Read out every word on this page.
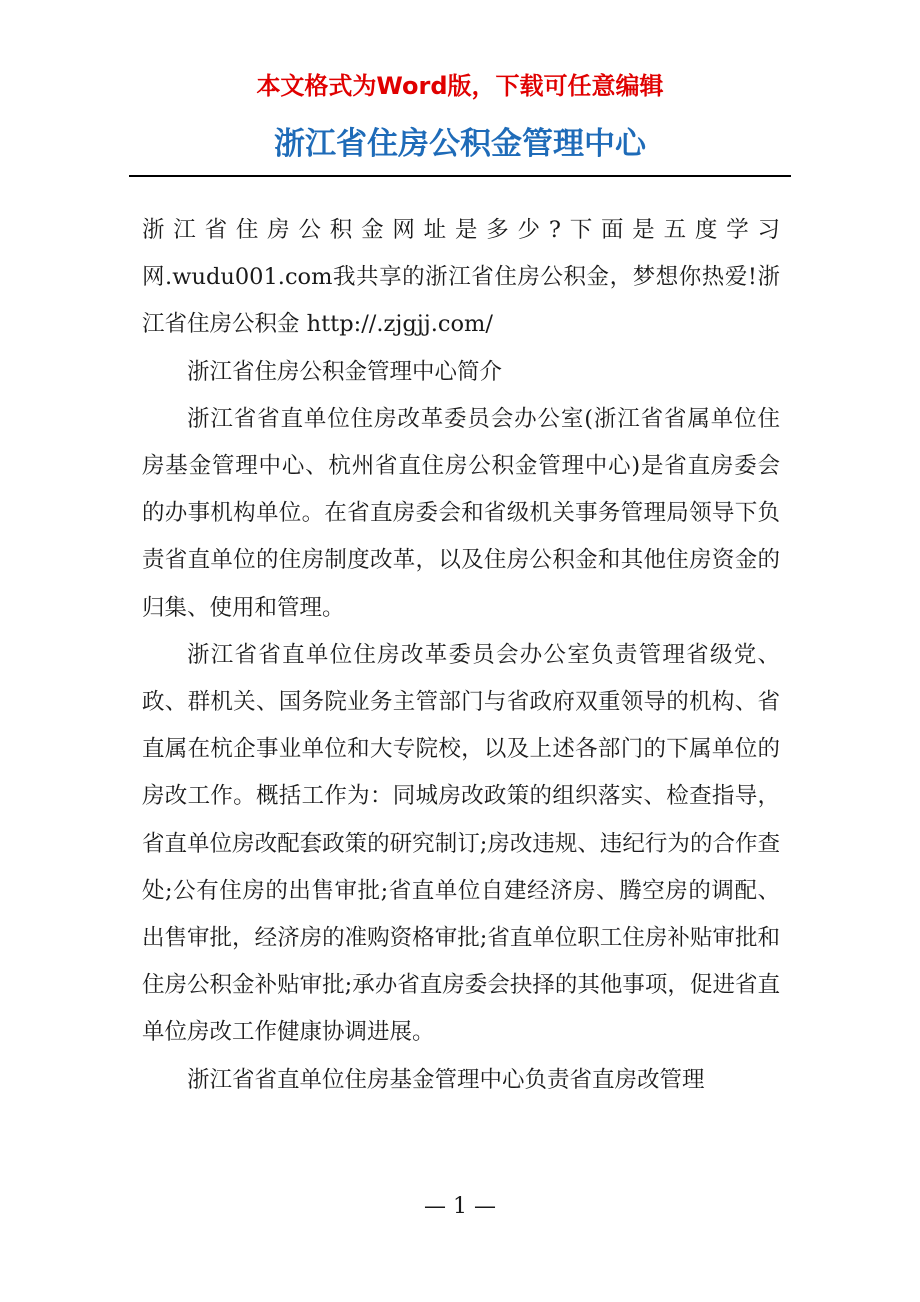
本文格式为Word版，下载可任意编辑
浙江省住房公积金管理中心

浙江省住房公积金网址是多少?下面是五度学习网.wudu001.com我共享的浙江省住房公积金，梦想你热爱!浙江省住房公积金 http://.zjgjj.com/

浙江省住房公积金管理中心简介

浙江省省直单位住房改革委员会办公室(浙江省省属单位住房基金管理中心、杭州省直住房公积金管理中心)是省直房委会的办事机构单位。在省直房委会和省级机关事务管理局领导下负责省直单位的住房制度改革，以及住房公积金和其他住房资金的归集、使用和管理。

浙江省省直单位住房改革委员会办公室负责管理省级党、政、群机关、国务院业务主管部门与省政府双重领导的机构、省直属在杭企事业单位和大专院校，以及上述各部门的下属单位的房改工作。概括工作为：同城房改政策的组织落实、检查指导，省直单位房改配套政策的研究制订;房改违规、违纪行为的合作查处;公有住房的出售审批;省直单位自建经济房、腾空房的调配、出售审批，经济房的准购资格审批;省直单位职工住房补贴审批和住房公积金补贴审批;承办省直房委会抉择的其他事项，促进省直单位房改工作健康协调进展。

浙江省省直单位住房基金管理中心负责省直房改管理

— 1 —
